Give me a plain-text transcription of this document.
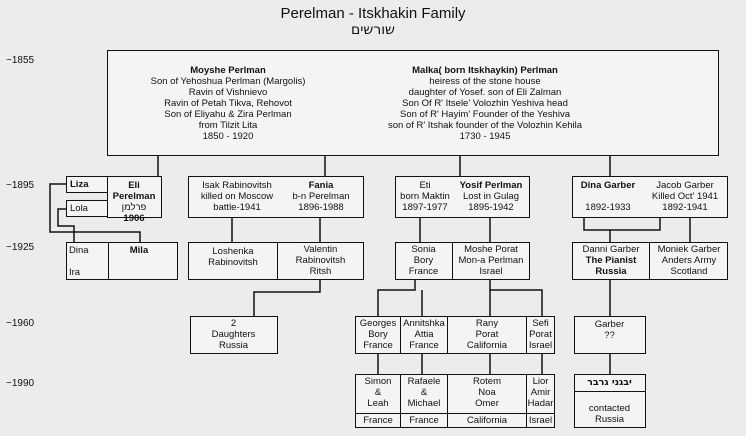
Perelman - Itskhakin Family
שורשים
~1855
~1895
~1925
~1960
~1990
Moyshe Perlman
Son of Yehoshua Perlman (Margolis)
Ravin of Vishnievo
Ravin of Petah Tikva, Rehovot
Son of Eliyahu & Zira Perlman
from Tilzit Lita
1850 - 1920
Malka( born Itskhaykin) Perlman
heiress of the stone house
daughter of Yosef. son of Eli Zalman
Son Of R' Itsele' Volozhin Yeshiva head
Son of R' Hayim' Founder of the Yeshiva
son of R' Itshak founder of the Volozhin Kehila
1730 - 1945
Liza
Lola
Eli Perelman
פרלמן
1906
Isak Rabinovitsh
killed on Moscow
battle-1941
Fania
b-n Perelman
1896-1988
Eti
born Maktin
1897-1977
Yosif Perlman
Lost in Gulag
1895-1942
Dina Garber

1892-1933
Jacob Garber
Killed Oct' 1941
1892-1941
Dina
Ira
Mila	Loshenka
Rabinovitsh
Valentin
Rabinovitsh
Ritsh
Sonia
Bory
France
Moshe Porat
Mon-a Perlman
Israel
Danni Garber
The Pianist
Russia
Moniek Garber
Anders Army
Scotland
2
Daughters
Russia
Georges
Bory
France
Annitshka
Attia
France
Rany
Porat
California
Sefi
Porat
Israel
Garber
??
Simon
&
Leah
Rafaele
&
Michael
Rotem
Noa
Omer
Lior
Amir
Hadar
France	France	California	Israel
יבגני גרבר
contacted
Russia
